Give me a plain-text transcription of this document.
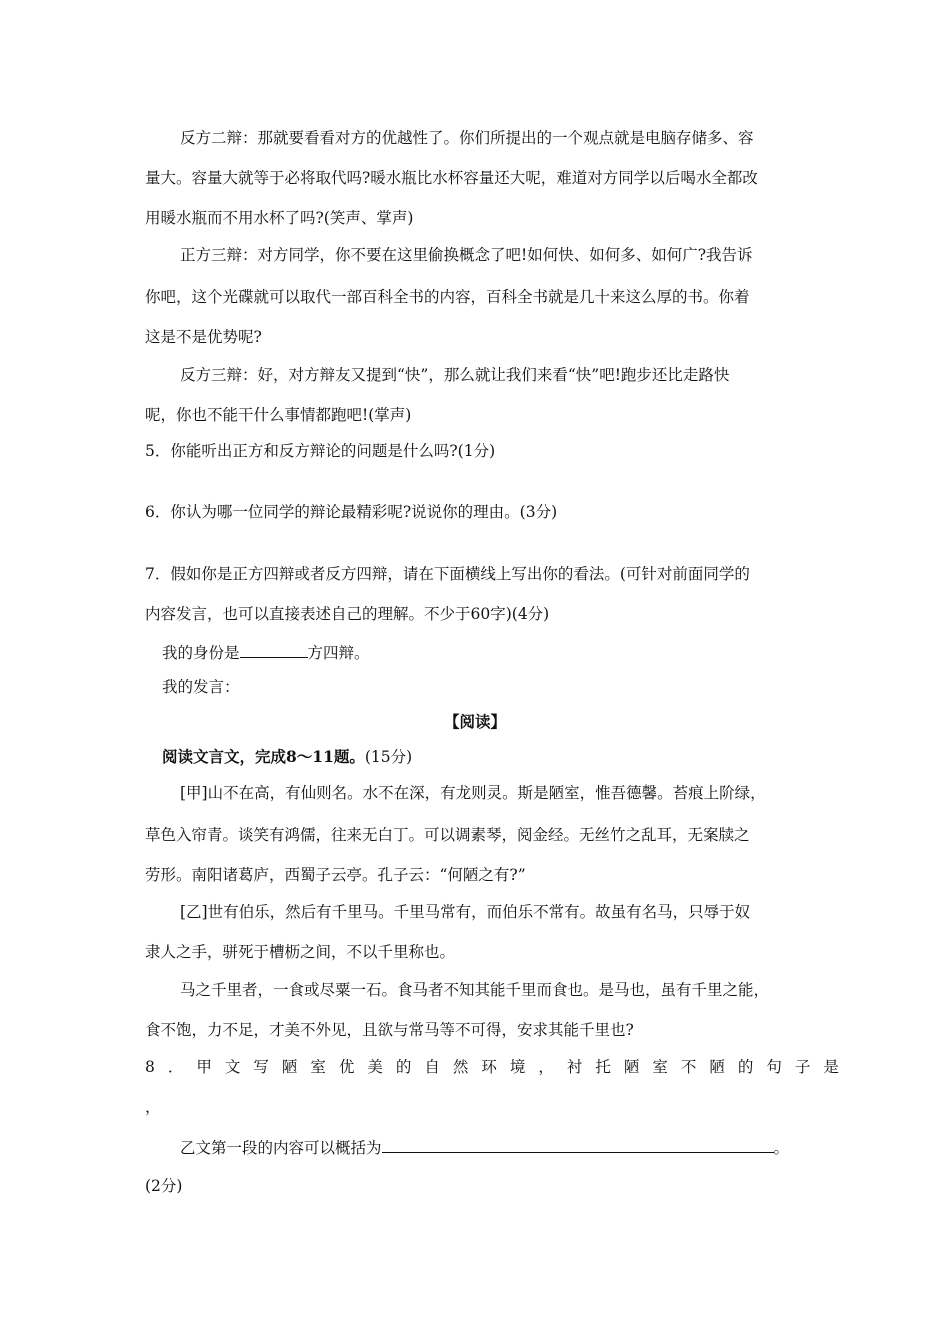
反方二辩：那就要看看对方的优越性了。你们所提出的一个观点就是电脑存储多、容
量大。容量大就等于必将取代吗?暖水瓶比水杯容量还大呢，难道对方同学以后喝水全都改
用暖水瓶而不用水杯了吗?(笑声、掌声)
正方三辩：对方同学，你不要在这里偷换概念了吧!如何快、如何多、如何广?我告诉
你吧，这个光碟就可以取代一部百科全书的内容，百科全书就是几十来这么厚的书。你着
这是不是优势呢?
反方三辩：好，对方辩友又提到“快”，那么就让我们来看“快”吧!跑步还比走路快
呢，你也不能干什么事情都跑吧!(掌声)
5．你能听出正方和反方辩论的问题是什么吗?(1分)
6．你认为哪一位同学的辩论最精彩呢?说说你的理由。(3分)
7．假如你是正方四辩或者反方四辩，请在下面横线上写出你的看法。(可针对前面同学的
内容发言，也可以直接表述自己的理解。不少于60字)(4分)
我的身份是	方四辩。
我的发言：
【阅读】
阅读文言文，完成8～11题。(15分)
[甲]山不在高，有仙则名。水不在深，有龙则灵。斯是陋室，惟吾德馨。苔痕上阶绿，
草色入帘青。谈笑有鸿儒，往来无白丁。可以调素琴，阅金经。无丝竹之乱耳，无案牍之
劳形。南阳诸葛庐，西蜀子云亭。孔子云：“何陋之有?”
[乙]世有伯乐，然后有千里马。千里马常有，而伯乐不常有。故虽有名马，只辱于奴
隶人之手，骈死于槽枥之间，不以千里称也。
马之千里者，一食或尽粟一石。食马者不知其能千里而食也。是马也，虽有千里之能，
食不饱，力不足，才美不外见，且欲与常马等不可得，安求其能千里也?
8．甲文写陋室优美的自然环境，衬托陋室不陋的句子是
，
乙文第一段的内容可以概括为	。
(2分)
